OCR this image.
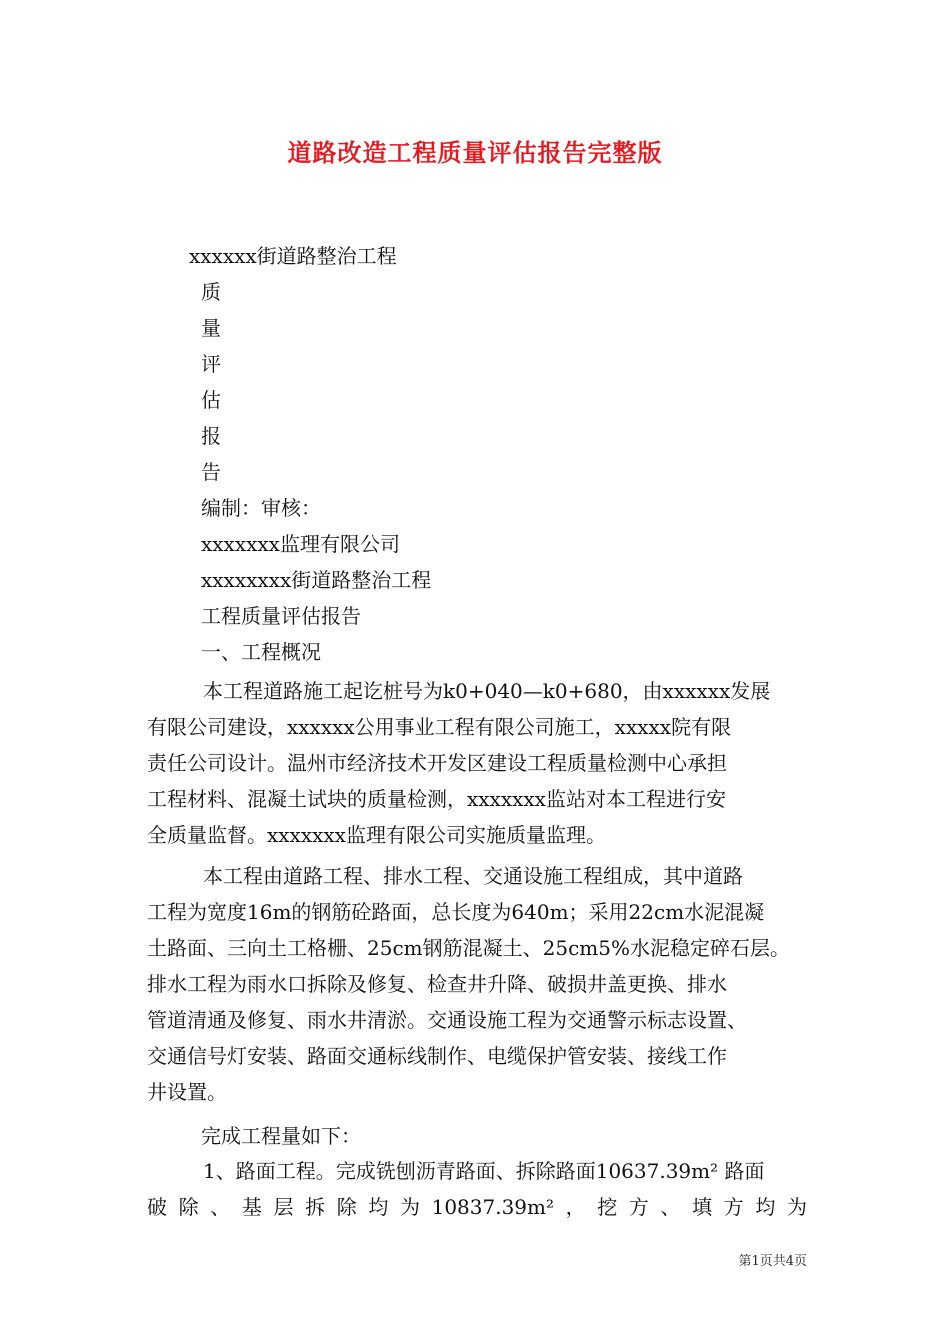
道路改造工程质量评估报告完整版
xxxxxx街道路整治工程
质
量
评
估
报
告
编制：审核：
xxxxxxx监理有限公司
xxxxxxxx街道路整治工程
工程质量评估报告
一、工程概况
本工程道路施工起讫桩号为k0+040—k0+680，由xxxxxx发展
有限公司建设，xxxxxx公用事业工程有限公司施工，xxxxx院有限
责任公司设计。温州市经济技术开发区建设工程质量检测中心承担
工程材料、混凝土试块的质量检测，xxxxxxx监站对本工程进行安
全质量监督。xxxxxxx监理有限公司实施质量监理。
本工程由道路工程、排水工程、交通设施工程组成，其中道路
工程为宽度16m的钢筋砼路面，总长度为640m；采用22cm水泥混凝
土路面、三向土工格栅、25cm钢筋混凝土、25cm5%水泥稳定碎石层。
排水工程为雨水口拆除及修复、检查井升降、破损井盖更换、排水
管道清通及修复、雨水井清淤。交通设施工程为交通警示标志设置、
交通信号灯安装、路面交通标线制作、电缆保护管安装、接线工作
井设置。
完成工程量如下：
1、路面工程。完成铣刨沥青路面、拆除路面10637.39m² 路面
破除、基层拆除均为10837.39m²，挖方、填方均为
第1页共4页
